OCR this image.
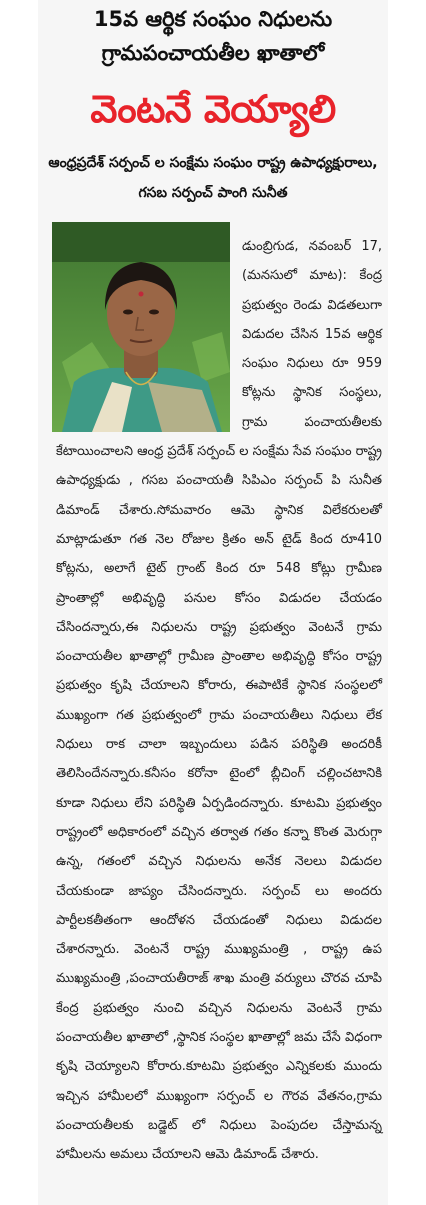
15వ ఆర్థిక సంఘం నిధులను
గ్రామపంచాయతీల ఖాతాలో
వెంటనే వెయ్యాలి
ఆంధ్రప్రదేశ్ సర్పంచ్ ల సంక్షేమ సంఘం రాష్ట్ర ఉపాధ్యక్షురాలు,
గసబ సర్పంచ్ పాంగి సునీత
డుంబ్రిగుడ, నవంబర్ 17, (మనసులో మాట): కేంద్ర ప్రభుత్వం రెండు విడతలుగా విడుదల చేసిన 15వ ఆర్థిక సంఘం నిధులు రూ 959 కోట్లను స్థానిక సంస్థలు, గ్రామ పంచాయతీలకు కేటాయించాలని ఆంధ్ర ప్రదేశ్ సర్పంచ్ ల సంక్షేమ సేవ సంఘం రాష్ట్ర ఉపాధ్యక్షుడు , గసబ పంచాయతీ సిపిఎం సర్పంచ్ పి సునీత డిమాండ్ చేశారు.సోమవారం ఆమె స్థానిక విలేకరులతో మాట్లాడుతూ గత నెల రోజుల క్రితం అన్ టైడ్ కింద రూ410 కోట్లను, అలాగే టైట్ గ్రాంట్ కింద రూ 548 కోట్లు గ్రామీణ ప్రాంతాల్లో అభివృద్ధి పనుల కోసం విడుదల చేయడం చేసిందన్నారు,ఈ నిధులను రాష్ట్ర ప్రభుత్వం వెంటనే గ్రామ పంచాయతీల ఖాతాల్లో గ్రామీణ ప్రాంతాల అభివృద్ధి కోసం రాష్ట్ర ప్రభుత్వం కృషి చేయాలని కోరారు, ఈపాటికే స్థానిక సంస్థలలో ముఖ్యంగా గత ప్రభుత్వంలో గ్రామ పంచాయతీలు నిధులు లేక నిధులు రాక చాలా ఇబ్బందులు పడిన పరిస్థితి అందరికీ తెలిసిందేనన్నారు.కనీసం కరోనా టైంలో బ్లీచింగ్ చల్లించటానికి కూడా నిధులు లేని పరిస్థితి ఏర్పడిందన్నారు. కూటమి ప్రభుత్వం రాష్ట్రంలో అధికారంలో వచ్చిన తర్వాత గతం కన్నా కొంత మెరుగ్గా ఉన్న, గతంలో వచ్చిన నిధులను అనేక నెలలు విడుదల చేయకుండా జాప్యం చేసిందన్నారు. సర్పంచ్ లు అందరు పార్టీలకతీతంగా ఆందోళన చేయడంతో నిధులు విడుదల చేశారన్నారు. వెంటనే రాష్ట్ర ముఖ్యమంత్రి , రాష్ట్ర ఉప ముఖ్యమంత్రి ,పంచాయతీరాజ్ శాఖ మంత్రి వర్యులు చొరవ చూపి కేంద్ర ప్రభుత్వం నుంచి వచ్చిన నిధులను వెంటనే గ్రామ పంచాయతీల ఖాతాలో ,స్థానిక సంస్థల ఖాతాల్లో జమ చేసే విధంగా కృషి చెయ్యాలని కోరారు.కూటమి ప్రభుత్వం ఎన్నికలకు ముందు ఇచ్చిన హామీలలో ముఖ్యంగా సర్పంచ్ ల గౌరవ వేతనం,గ్రామ పంచాయతీలకు బడ్జెట్ లో నిధులు పెంపుదల చేస్తామన్న హామీలను అమలు చేయాలని ఆమె డిమాండ్ చేశారు.
